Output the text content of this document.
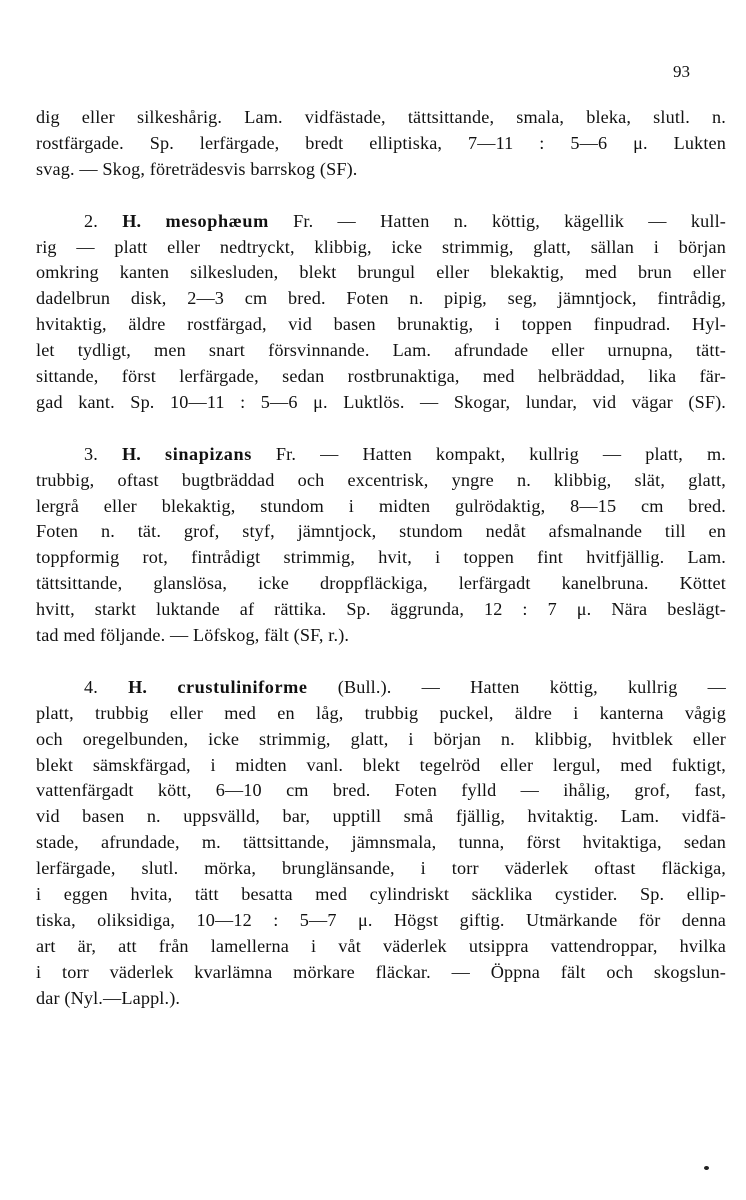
93
dig eller silkeshårig. Lam. vidfästade, tättsittande, smala, bleka, slutl. n.
rostfärgade. Sp. lerfärgade, bredt elliptiska, 7—11 : 5—6 μ. Lukten
svag. — Skog, företrädesvis barrskog (SF).
2. H. mesophæum Fr. — Hatten n. köttig, kägellik — kull-
rig — platt eller nedtryckt, klibbig, icke strimmig, glatt, sällan i början
omkring kanten silkesluden, blekt brungul eller blekaktig, med brun eller
dadelbrun disk, 2—3 cm bred. Foten n. pipig, seg, jämntjock, fintrådig,
hvitaktig, äldre rostfärgad, vid basen brunaktig, i toppen finpudrad. Hyl-
let tydligt, men snart försvinnande. Lam. afrundade eller urnupna, tätt-
sittande, först lerfärgade, sedan rostbrunaktiga, med helbräddad, lika fär-
gad kant. Sp. 10—11 : 5—6 μ. Luktlös. — Skogar, lundar, vid vägar (SF).
3. H. sinapizans Fr. — Hatten kompakt, kullrig — platt, m.
trubbig, oftast bugtbräddad och excentrisk, yngre n. klibbig, slät, glatt,
lergrå eller blekaktig, stundom i midten gulrödaktig, 8—15 cm bred.
Foten n. tät. grof, styf, jämntjock, stundom nedåt afsmalnande till en
toppformig rot, fintrådigt strimmig, hvit, i toppen fint hvitfjällig. Lam.
tättsittande, glanslösa, icke droppfläckiga, lerfärgadt kanelbruna. Köttet
hvitt, starkt luktande af rättika. Sp. äggrunda, 12 : 7 μ. Nära beslägt-
tad med följande. — Löfskog, fält (SF, r.).
4. H. crustuliniforme (Bull.). — Hatten köttig, kullrig —
platt, trubbig eller med en låg, trubbig puckel, äldre i kanterna vågig
och oregelbunden, icke strimmig, glatt, i början n. klibbig, hvitblek eller
blekt sämskfärgad, i midten vanl. blekt tegelröd eller lergul, med fuktigt,
vattenfärgadt kött, 6—10 cm bred. Foten fylld — ihålig, grof, fast,
vid basen n. uppsvälld, bar, upptill små fjällig, hvitaktig. Lam. vidfä-
stade, afrundade, m. tättsittande, jämnsmala, tunna, först hvitaktiga, sedan
lerfärgade, slutl. mörka, brunglänsande, i torr väderlek oftast fläckiga,
i eggen hvita, tätt besatta med cylindriskt säcklika cystider. Sp. ellip-
tiska, oliksidiga, 10—12 : 5—7 μ. Högst giftig. Utmärkande för denna
art är, att från lamellerna i våt väderlek utsippra vattendroppar, hvilka
i torr väderlek kvarlämna mörkare fläckar. — Öppna fält och skogslun-
dar (Nyl.—Lappl.).
